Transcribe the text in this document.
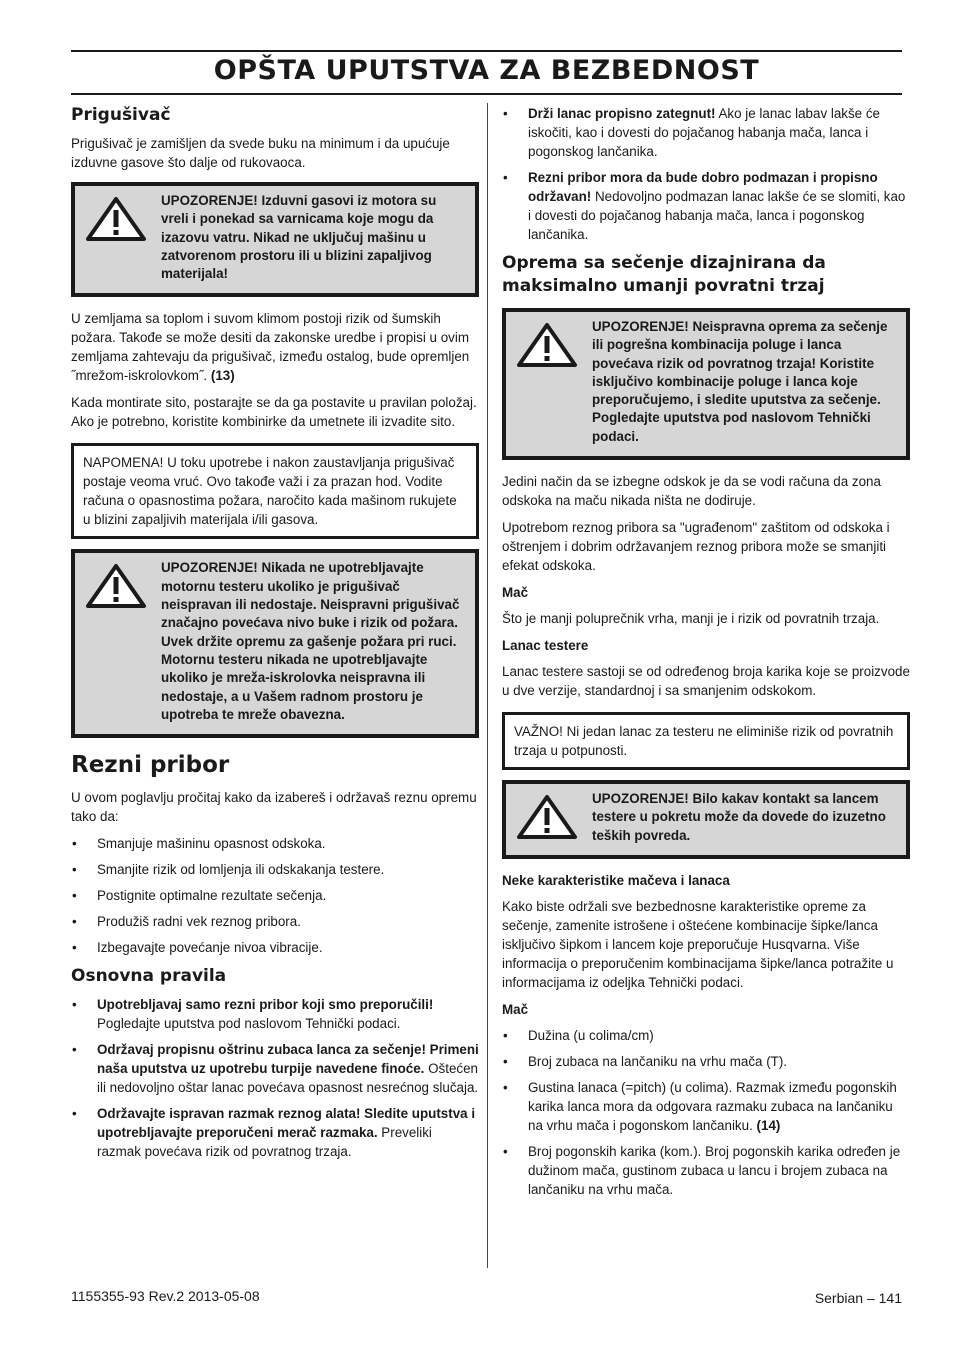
OPŠTA UPUTSTVA ZA BEZBEDNOST
Prigušivač
Prigušivač je zamišljen da svede buku na minimum i da upućuje izduvne gasove što dalje od rukovaoca.
UPOZORENJE! Izduvni gasovi iz motora su vreli i ponekad sa varnicama koje mogu da izazovu vatru. Nikad ne uključuj mašinu u zatvorenom prostoru ili u blizini zapaljivog materijala!
U zemljama sa toplom i suvom klimom postoji rizik od šumskih požara. Takođe se može desiti da zakonske uredbe i propisi u ovim zemljama zahtevaju da prigušivač, između ostalog, bude opremljen ˝mrežom-iskrolovkom˝. (13)
Kada montirate sito, postarajte se da ga postavite u pravilan položaj. Ako je potrebno, koristite kombinirke da umetnete ili izvadite sito.
NAPOMENA! U toku upotrebe i nakon zaustavljanja prigušivač postaje veoma vruć. Ovo takođe važi i za prazan hod. Vodite računa o opasnostima požara, naročito kada mašinom rukujete u blizini zapaljivih materijala i/ili gasova.
UPOZORENJE! Nikada ne upotrebljavajte motornu testeru ukoliko je prigušivač neispravan ili nedostaje. Neispravni prigušivač značajno povećava nivo buke i rizik od požara. Uvek držite opremu za gašenje požara pri ruci. Motornu testeru nikada ne upotrebljavajte ukoliko je mreža-iskrolovka neispravna ili nedostaje, a u Vašem radnom prostoru je upotreba te mreže obavezna.
Rezni pribor
U ovom poglavlju pročitaj kako da izabereš i održavaš reznu opremu tako da:
• Smanjuje mašininu opasnost odskoka.
• Smanjite rizik od lomljenja ili odskakanja testere.
• Postignite optimalne rezultate sečenja.
• Produžiš radni vek reznog pribora.
• Izbegavajte povećanje nivoa vibracije.
Osnovna pravila
• Upotrebljavaj samo rezni pribor koji smo preporučili! Pogledajte uputstva pod naslovom Tehnički podaci.
• Održavaj propisnu oštrinu zubaca lanca za sečenje! Primeni naša uputstva uz upotrebu turpije navedene finoće. Oštećen ili nedovoljno oštar lanac povećava opasnost nesrećnog slučaja.
• Održavajte ispravan razmak reznog alata! Sledite uputstva i upotrebljavajte preporučeni merač razmaka. Preveliki razmak povećava rizik od povratnog trzaja.
• Drži lanac propisno zategnut! Ako je lanac labav lakše će iskočiti, kao i dovesti do pojačanog habanja mača, lanca i pogonskog lančanika.
• Rezni pribor mora da bude dobro podmazan i propisno održavan! Nedovoljno podmazan lanac lakše će se slomiti, kao i dovesti do pojačanog habanja mača, lanca i pogonskog lančanika.
Oprema sa sečenje dizajnirana da maksimalno umanji povratni trzaj
UPOZORENJE! Neispravna oprema za sečenje ili pogrešna kombinacija poluge i lanca povećava rizik od povratnog trzaja! Koristite isključivo kombinacije poluge i lanca koje preporučujemo, i sledite uputstva za sečenje. Pogledajte uputstva pod naslovom Tehnički podaci.
Jedini način da se izbegne odskok je da se vodi računa da zona odskoka na maču nikada ništa ne dodiruje.
Upotrebom reznog pribora sa "ugrađenom" zaštitom od odskoka i oštrenjem i dobrim održavanjem reznog pribora može se smanjiti efekat odskoka.
Mač
Što je manji poluprečnik vrha, manji je i rizik od povratnih trzaja.
Lanac testere
Lanac testere sastoji se od određenog broja karika koje se proizvode u dve verzije, standardnoj i sa smanjenim odskokom.
VAŽNO! Ni jedan lanac za testeru ne eliminiše rizik od povratnih trzaja u potpunosti.
UPOZORENJE! Bilo kakav kontakt sa lancem testere u pokretu može da dovede do izuzetno teških povreda.
Neke karakteristike mačeva i lanaca
Kako biste održali sve bezbednosne karakteristike opreme za sečenje, zamenite istrošene i oštećene kombinacije šipke/lanca isključivo šipkom i lancem koje preporučuje Husqvarna. Više informacija o preporučenim kombinacijama šipke/lanca potražite u informacijama iz odeljka Tehnički podaci.
Mač
• Dužina (u colima/cm)
• Broj zubaca na lančaniku na vrhu mača (T).
• Gustina lanaca (=pitch) (u colima). Razmak između pogonskih karika lanca mora da odgovara razmaku zubaca na lančaniku na vrhu mača i pogonskom lančaniku. (14)
• Broj pogonskih karika (kom.). Broj pogonskih karika određen je dužinom mača, gustinom zubaca u lancu i brojem zubaca na lančaniku na vrhu mača.
1155355-93 Rev.2 2013-05-08	Serbian – 141
